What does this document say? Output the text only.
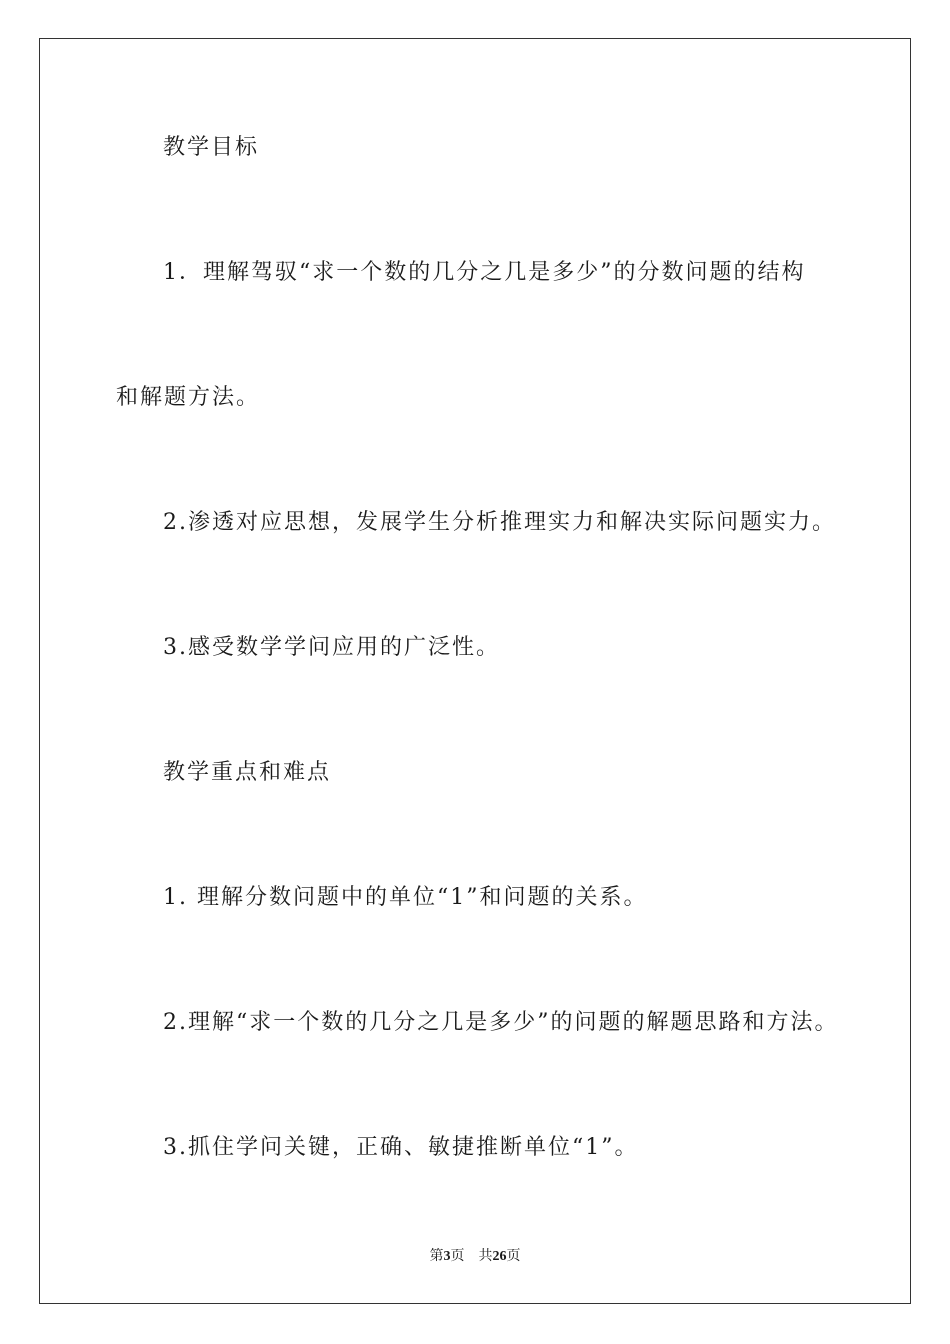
教学目标
1．理解驾驭“求一个数的几分之几是多少”的分数问题的结构
和解题方法。
2.渗透对应思想，发展学生分析推理实力和解决实际问题实力。
3.感受数学学问应用的广泛性。
教学重点和难点
1. 理解分数问题中的单位“1”和问题的关系。
2.理解“求一个数的几分之几是多少”的问题的解题思路和方法。
3.抓住学问关键，正确、敏捷推断单位“1”。
第3页 共26页
